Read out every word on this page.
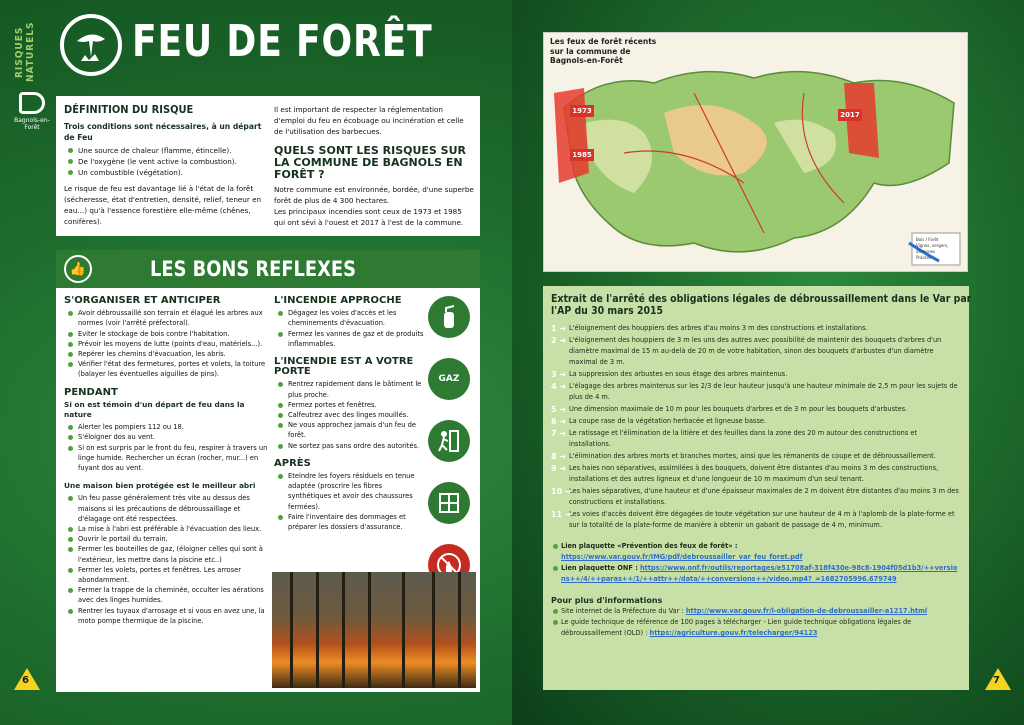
RISQUES NATURELS	FEU DE FORÊT
Bagnols-en-Forêt
DÉFINITION DU RISQUE
Trois conditions sont nécessaires, à un départ de Feu
Une source de chaleur (flamme, étincelle).
De l'oxygène (le vent active la combustion).
Un combustible (végétation).

Le risque de feu est davantage lié à l'état de la forêt (sécheresse, état d'entretien, densité, relief, teneur en eau...) qu'à l'essence forestière elle-même (chênes, conifères).

Il est important de respecter la réglementation d'emploi du feu en écobuage ou incinération et celle de l'utilisation des barbecues.

QUELS SONT LES RISQUES SUR LA COMMUNE DE BAGNOLS EN FORÊT ?

Notre commune est environnée, bordée, d'une superbe forêt de plus de 4 300 hectares.

Les principaux incendies sont ceux de 1973 et 1985 qui ont sévi à l'ouest et 2017 à l'est de la commune.

👍	LES BONS REFLEXES
S'ORGANISER ET ANTICIPER
Avoir débroussaillé son terrain et élagué les arbres aux normes (voir l'arrêté préfectoral).
Eviter le stockage de bois contre l'habitation.
Prévoir les moyens de lutte (points d'eau, matériels...).
Repérer les chemins d'évacuation, les abris.
Vérifier l'état des fermetures, portes et volets, la toiture (balayer les éventuelles aiguilles de pins).
PENDANT
Si on est témoin d'un départ de feu dans la nature
Alerter les pompiers 112 ou 18.
S'éloigner dos au vent.
Si on est surpris par le front du feu, respirer à travers un linge humide. Rechercher un écran (rocher, mur...) en fuyant dos au vent.
Une maison bien protégée est le meilleur abri
Un feu passe généralement très vite au dessus des maisons si les précautions de débroussaillage et d'élagage ont été respectées.
La mise à l'abri est préférable à l'évacuation des lieux.
Ouvrir le portail du terrain.
Fermer les bouteilles de gaz, (éloigner celles qui sont à l'extérieur, les mettre dans la piscine etc..)
Fermer les volets, portes et fenêtres. Les arroser abondamment.
Fermer la trappe de la cheminée, occulter les aérations avec des linges humides.
Rentrer les tuyaux d'arrosage et si vous en avez une, la moto pompe thermique de la piscine.
L'INCENDIE APPROCHE
Dégagez les voies d'accès et les cheminements d'évacuation.
Fermez les vannes de gaz et de produits inflammables.
L'INCENDIE EST A VOTRE PORTE
Rentrez rapidement dans le bâtiment le plus proche.
Fermez portes et fenêtres.
Calfeutrez avec des linges mouillés.
Ne vous approchez jamais d'un feu de forêt.
Ne sortez pas sans ordre des autorités.
APRÈS
Eteindre les foyers résiduels en tenue adaptée (proscrire les fibres synthétiques et avoir des chaussures fermées).
Faire l'inventaire des dommages et préparer les dossiers d'assurance.
GAZ
6	7
Les feux de forêt récents sur la commune de Bagnols-en-Forêt
1973
1985
2017
Bois / Forêt
Vignes, vergers, oliveraies
Prairies
Extrait de l'arrêté des obligations légales de débroussaillement dans le Var par l'AP du 30 mars 2015
1 ➜ L'éloignement des houppiers des arbres d'au moins 3 m des constructions et installations.
2 ➜ L'éloignement des houppiers de 3 m les uns des autres avec possibilité de maintenir des bouquets d'arbres d'un diamètre maximal de 15 m au-delà de 20 m de votre habitation, sinon des bouquets d'arbustes d'un diamètre maximal de 3 m.
3 ➜ La suppression des arbustes en sous étage des arbres maintenus.
4 ➜ L'élagage des arbres maintenus sur les 2/3 de leur hauteur jusqu'à une hauteur minimale de 2,5 m pour les sujets de plus de 4 m.
5 ➜ Une dimension maximale de 10 m pour les bouquets d'arbres et de 3 m pour les bouquets d'arbustes.
6 ➜ La coupe rase de la végétation herbacée et ligneuse basse.
7 ➜ Le ratissage et l'élimination de la litière et des feuilles dans la zone des 20 m autour des constructions et installations.
8 ➜ L'élimination des arbres morts et branches mortes, ainsi que les rémanents de coupe et de débroussaillement.
9 ➜ Les haies non séparatives, assimilées à des bouquets, doivent être distantes d'au moins 3 m des constructions, installations et des autres ligneux et d'une longueur de 10 m maximum d'un seul tenant.
10 ➜
Les haies séparatives, d'une hauteur et d'une épaisseur maximales de 2 m doivent être distantes d'au moins 3 m des constructions et installations.
11 ➜
Les voies d'accès doivent être dégagées de toute végétation sur une hauteur de 4 m à l'aplomb de la plate-forme et sur la totalité de la plate-forme de manière à obtenir un gabarit de passage de 4 m, minimum.
Lien plaquette «Prévention des feux de forêt» : https://www.var.gouv.fr/IMG/pdf/debroussailler_var_feu_foret.pdf
Lien plaquette ONF : https://www.onf.fr/outils/reportages/e51708af-318f430e-98c8-1904f05d1b3/++versions++/4/++paras++/1/++attr++/data/++conversions++/video.mp4?_=1682705996.679749
Pour plus d'informations
Site internet de la Préfecture du Var : http://www.var.gouv.fr/l-obligation-de-debroussailler-a1217.html
Le guide technique de référence de 100 pages à télécharger - Lien guide technique obligations légales de débroussaillement (OLD) : https://agriculture.gouv.fr/telecharger/94123
